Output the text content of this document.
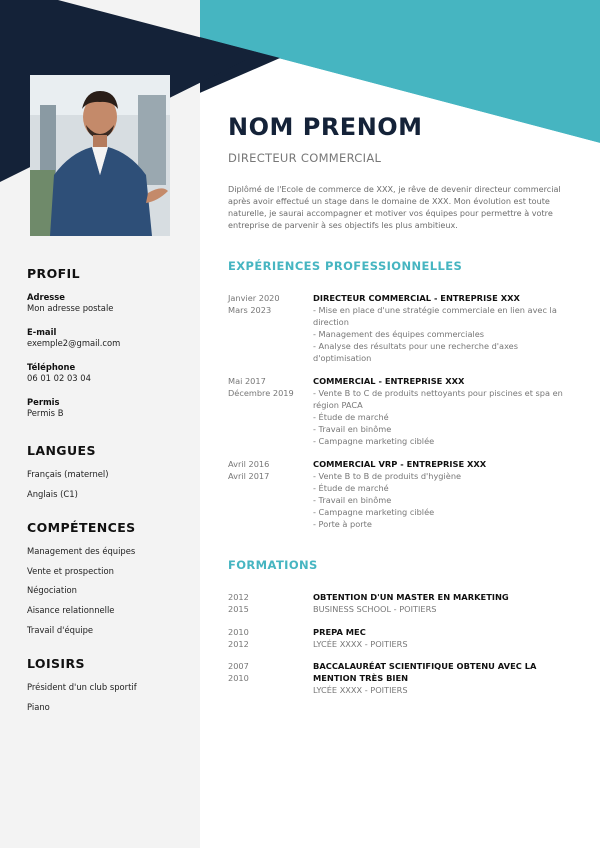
PROFIL
Adresse
Mon adresse postale
E-mail
exemple2@gmail.com
Téléphone
06 01 02 03 04
Permis
Permis B
LANGUES
Français (maternel)
Anglais (C1)
COMPÉTENCES
Management des équipes
Vente et prospection
Négociation
Aisance relationnelle
Travail d'équipe
LOISIRS
Président d'un club sportif
Piano
NOM PRENOM
DIRECTEUR COMMERCIAL
Diplômé de l'Ecole de commerce de XXX, je rêve de devenir directeur commercial après avoir effectué un stage dans le domaine de XXX. Mon évolution est toute naturelle, je saurai accompagner et motiver vos équipes pour permettre à votre entreprise de parvenir à ses objectifs les plus ambitieux.
EXPÉRIENCES PROFESSIONNELLES
Janvier 2020
Mars 2023
DIRECTEUR COMMERCIAL - ENTREPRISE XXX
- Mise en place d'une stratégie commerciale en lien avec la
direction
- Management des équipes commerciales
- Analyse des résultats pour une recherche d'axes
d'optimisation
Mai 2017
Décembre 2019
COMMERCIAL - ENTREPRISE XXX
- Vente B to C de produits nettoyants pour piscines et spa en
région PACA
- Étude de marché
- Travail en binôme
- Campagne marketing ciblée
Avril 2016
Avril 2017
COMMERCIAL VRP - ENTREPRISE XXX
- Vente B to B de produits d'hygiène
- Étude de marché
- Travail en binôme
- Campagne marketing ciblée
- Porte à porte
FORMATIONS
2012
2015
OBTENTION D'UN MASTER EN MARKETING
BUSINESS SCHOOL - POITIERS
2010
2012
PREPA MEC
LYCÉE XXXX - POITIERS
2007
2010
BACCALAURÉAT SCIENTIFIQUE OBTENU AVEC LA
MENTION TRÈS BIEN
LYCÉE XXXX - POITIERS
